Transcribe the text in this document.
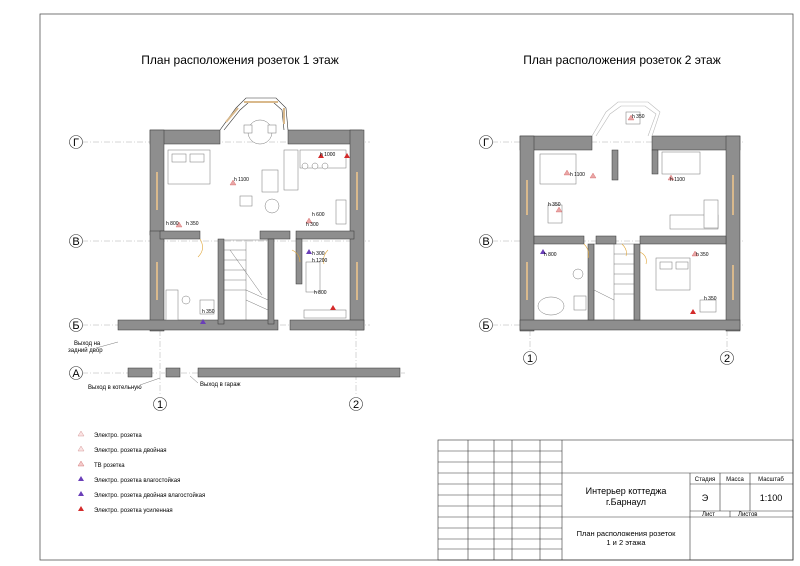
План расположения розеток 1 этаж	План расположения розеток 2 этаж
h 1100
h 1000
h 800 h 350
h 600
h 300
h 350
h 300
h 800
h 1200
Выход на
задний двор
Выход в котельную	Выход в гараж
Г
В
Б
А
1	2
h 1100
h 1100
h 350
h 800	h 350
h 350
h 350
Г
В
Б
1	2
Электро. розетка
Электро. розетка двойная
ТВ розетка
Электро. розетка влагостойкая
Электро. розетка двойная влагостойкая
Электро. розетка усиленная
Стадия Масса Масштаб
Интерьер коттеджа
г.Барнаул	Э	1:100
Лист	Листов
План расположения розеток
1 и 2 этажа
